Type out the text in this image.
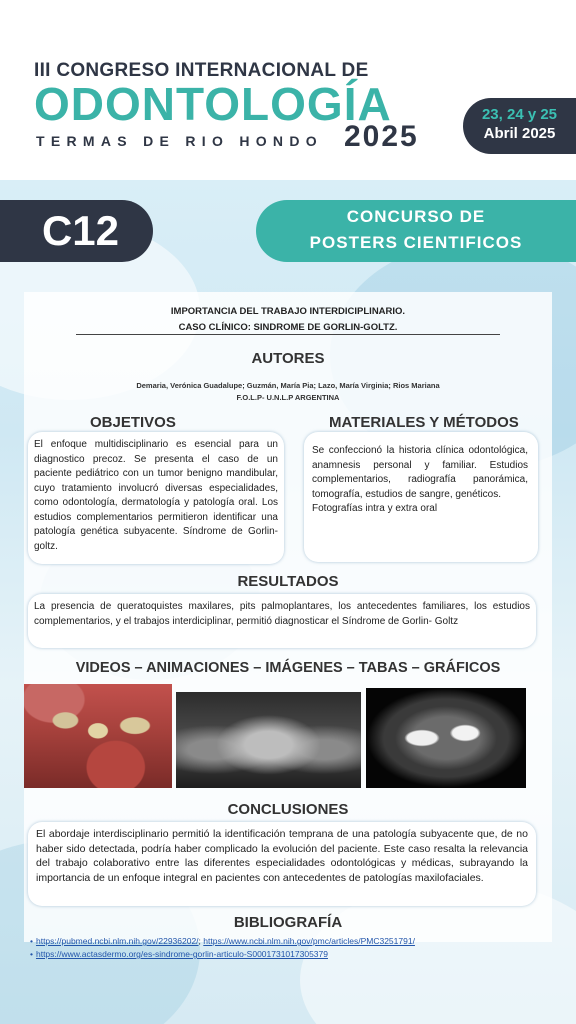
III CONGRESO INTERNACIONAL DE
ODONTOLOGÍA
TERMAS DE RIO HONDO 2025
23, 24 y 25
Abril 2025
C12	CONCURSO DE
POSTERS CIENTIFICOS
IMPORTANCIA DEL TRABAJO INTERDICIPLINARIO.
CASO CLÍNICO: SINDROME DE GORLIN-GOLTZ.
AUTORES
Demaria, Verónica Guadalupe; Guzmán, María Pia; Lazo, María Virginia; Rios Mariana
F.O.L.P- U.N.L.P ARGENTINA
OBJETIVOS
El enfoque multidisciplinario es esencial para un diagnostico precoz. Se presenta el caso de un paciente pediátrico con un tumor benigno mandibular, cuyo tratamiento involucró diversas especialidades, como odontología, dermatología y patología oral. Los estudios complementarios permitieron identificar una patología genética subyacente. Síndrome de Gorlin-goltz.
MATERIALES Y MÉTODOS
Se confeccionó la historia clínica odontológica, anamnesis personal y familiar. Estudios complementarios, radiografía panorámica, tomografía, estudios de sangre, genéticos.
Fotografías intra y extra oral
RESULTADOS
La presencia de queratoquistes maxilares, pits palmoplantares, los antecedentes familiares, los estudios complementarios, y el trabajos interdiciplinar, permitió diagnosticar el Síndrome de Gorlin- Goltz
VIDEOS – ANIMACIONES – IMÁGENES – TABAS – GRÁFICOS
CONCLUSIONES
El abordaje interdisciplinario permitió la identificación temprana de una patología subyacente que, de no haber sido detectada, podría haber complicado la evolución del paciente. Este caso resalta la relevancia del trabajo colaborativo entre las diferentes especialidades odontológicas y médicas, subrayando la importancia de un enfoque integral en pacientes con antecedentes de patologías maxilofaciales.
BIBLIOGRAFÍA
• https://pubmed.ncbi.nlm.nih.gov/22936202/; https://www.ncbi.nlm.nih.gov/pmc/articles/PMC3251791/
• https://www.actasdermo.org/es-sindrome-gorlin-articulo-S0001731017305379
